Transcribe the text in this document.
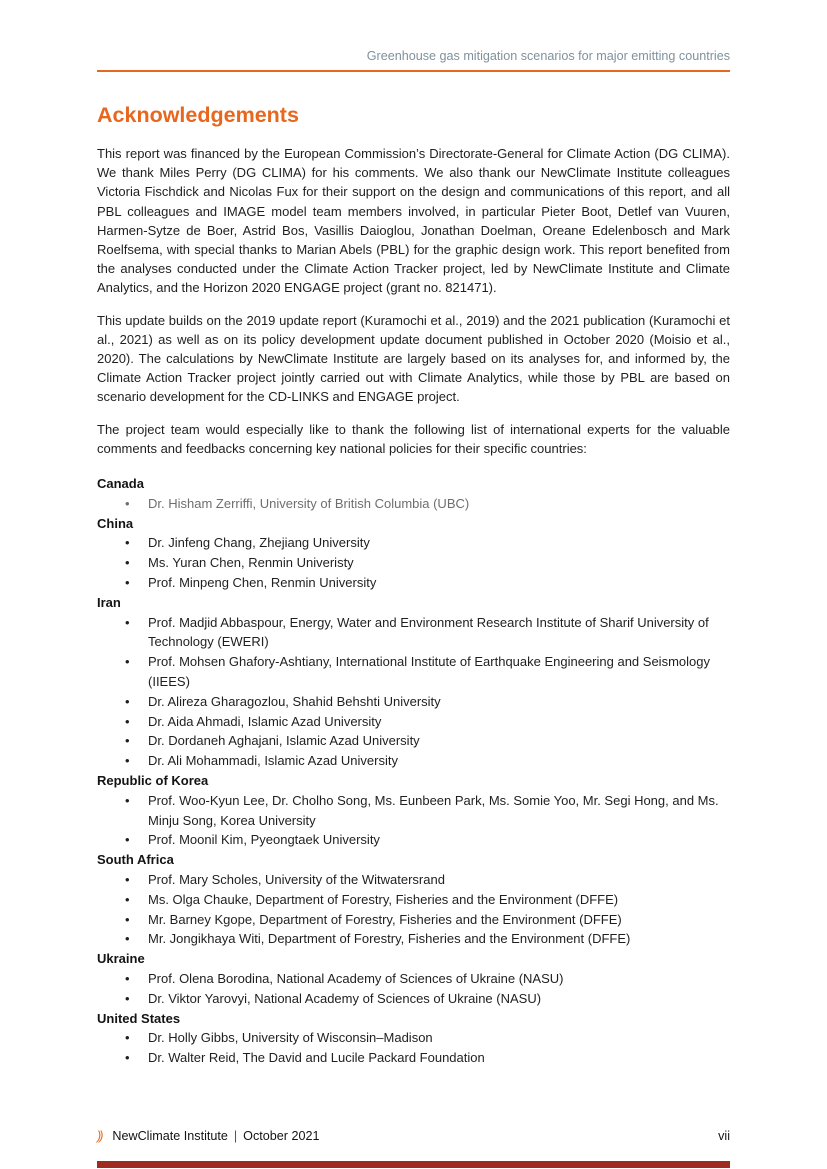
Greenhouse gas mitigation scenarios for major emitting countries
Acknowledgements

This report was financed by the European Commission’s Directorate-General for Climate Action (DG CLIMA). We thank Miles Perry (DG CLIMA) for his comments. We also thank our NewClimate Institute colleagues Victoria Fischdick and Nicolas Fux for their support on the design and communications of this report, and all PBL colleagues and IMAGE model team members involved, in particular Pieter Boot, Detlef van Vuuren, Harmen-Sytze de Boer, Astrid Bos, Vasillis Daioglou, Jonathan Doelman, Oreane Edelenbosch and Mark Roelfsema, with special thanks to Marian Abels (PBL) for the graphic design work. This report benefited from the analyses conducted under the Climate Action Tracker project, led by NewClimate Institute and Climate Analytics, and the Horizon 2020 ENGAGE project (grant no. 821471).

This update builds on the 2019 update report (Kuramochi et al., 2019) and the 2021 publication (Kuramochi et al., 2021) as well as on its policy development update document published in October 2020 (Moisio et al., 2020). The calculations by NewClimate Institute are largely based on its analyses for, and informed by, the Climate Action Tracker project jointly carried out with Climate Analytics, while those by PBL are based on scenario development for the CD-LINKS and ENGAGE project.

The project team would especially like to thank the following list of international experts for the valuable comments and feedbacks concerning key national policies for their specific countries:

Canada
• Dr. Hisham Zerriffi, University of British Columbia (UBC)
China
• Dr. Jinfeng Chang, Zhejiang University
• Ms. Yuran Chen, Renmin Univeristy
• Prof. Minpeng Chen, Renmin University
Iran
• Prof. Madjid Abbaspour, Energy, Water and Environment Research Institute of Sharif University of Technology (EWERI)
• Prof. Mohsen Ghafory-Ashtiany, International Institute of Earthquake Engineering and Seismology (IIEES)
• Dr. Alireza Gharagozlou, Shahid Behshti University
• Dr. Aida Ahmadi, Islamic Azad University
• Dr. Dordaneh Aghajani, Islamic Azad University
• Dr. Ali Mohammadi, Islamic Azad University
Republic of Korea
• Prof. Woo-Kyun Lee, Dr. Cholho Song, Ms. Eunbeen Park, Ms. Somie Yoo, Mr. Segi Hong, and Ms. Minju Song, Korea University
• Prof. Moonil Kim, Pyeongtaek University
South Africa
• Prof. Mary Scholes, University of the Witwatersrand
• Ms. Olga Chauke, Department of Forestry, Fisheries and the Environment (DFFE)
• Mr. Barney Kgope, Department of Forestry, Fisheries and the Environment (DFFE)
• Mr. Jongikhaya Witi, Department of Forestry, Fisheries and the Environment (DFFE)
Ukraine
• Prof. Olena Borodina, National Academy of Sciences of Ukraine (NASU)
• Dr. Viktor Yarovyi, National Academy of Sciences of Ukraine (NASU)
United States
• Dr. Holly Gibbs, University of Wisconsin–Madison
• Dr. Walter Reid, The David and Lucile Packard Foundation
)) NewClimate Institute | October 2021	vii
